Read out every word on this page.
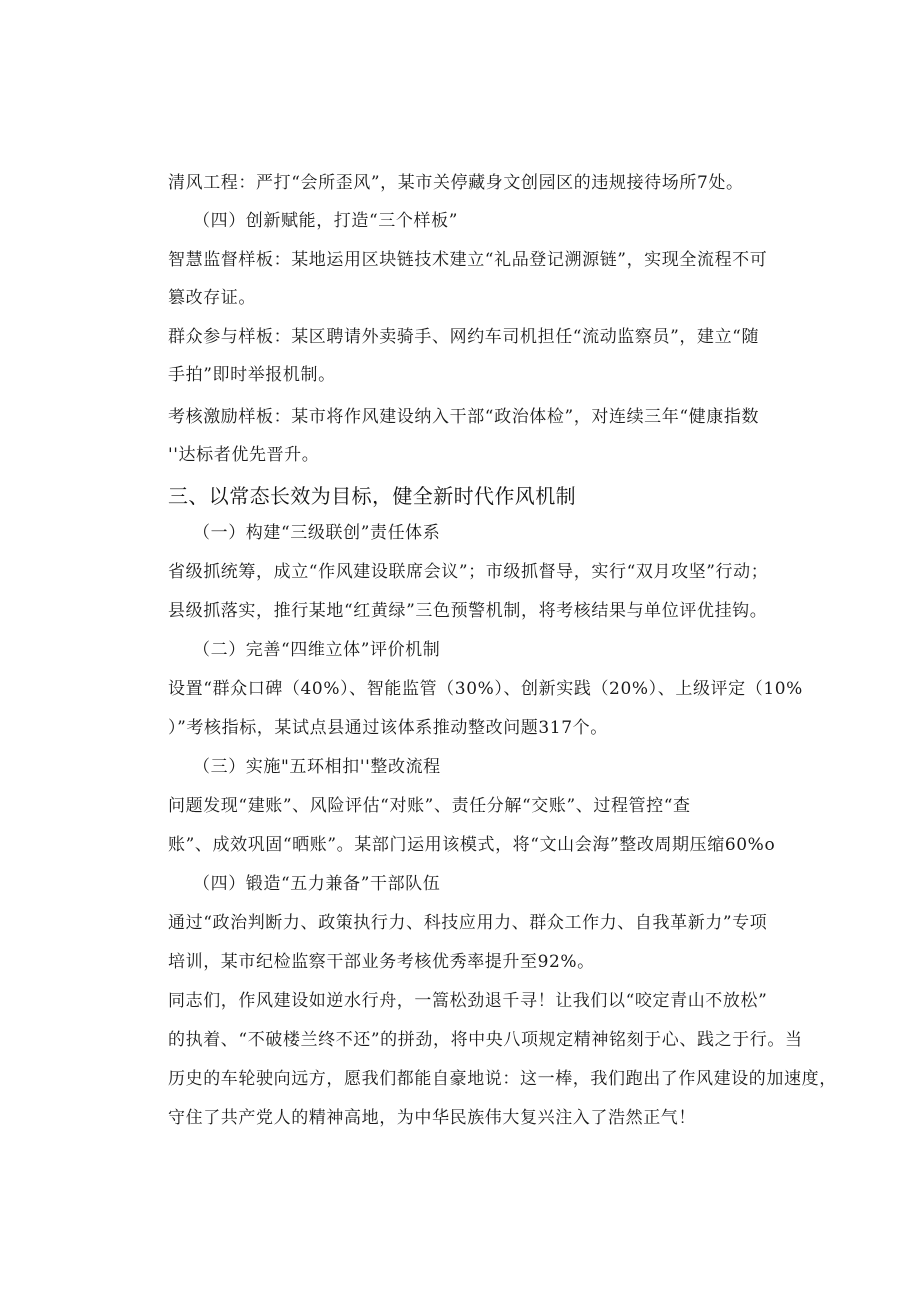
清风工程：严打“会所歪风”，某市关停藏身文创园区的违规接待场所7处。
（四）创新赋能，打造“三个样板”
智慧监督样板：某地运用区块链技术建立“礼品登记溯源链”，实现全流程不可
篡改存证。
群众参与样板：某区聘请外卖骑手、网约车司机担任“流动监察员”，建立“随
手拍”即时举报机制。
考核激励样板：某市将作风建设纳入干部“政治体检”，对连续三年“健康指数
''达标者优先晋升。
三、以常态长效为目标，健全新时代作风机制
（一）构建“三级联创”责任体系
省级抓统筹，成立“作风建设联席会议”；市级抓督导，实行“双月攻坚”行动；
县级抓落实，推行某地“红黄绿”三色预警机制，将考核结果与单位评优挂钩。
（二）完善“四维立体”评价机制
设置“群众口碑（40%）、智能监管（30%）、创新实践（20%）、上级评定（10%
）”考核指标，某试点县通过该体系推动整改问题317个。
（三）实施"五环相扣''整改流程
问题发现“建账”、风险评估“对账”、责任分解“交账”、过程管控“查
账”、成效巩固“晒账”。某部门运用该模式，将“文山会海”整改周期压缩60%o
（四）锻造“五力兼备”干部队伍
通过“政治判断力、政策执行力、科技应用力、群众工作力、自我革新力”专项
培训，某市纪检监察干部业务考核优秀率提升至92%。
同志们，作风建设如逆水行舟，一篙松劲退千寻！让我们以“咬定青山不放松”
的执着、“不破楼兰终不还”的拼劲，将中央八项规定精神铭刻于心、践之于行。当
历史的车轮驶向远方，愿我们都能自豪地说：这一棒，我们跑出了作风建设的加速度，
守住了共产党人的精神高地，为中华民族伟大复兴注入了浩然正气！
